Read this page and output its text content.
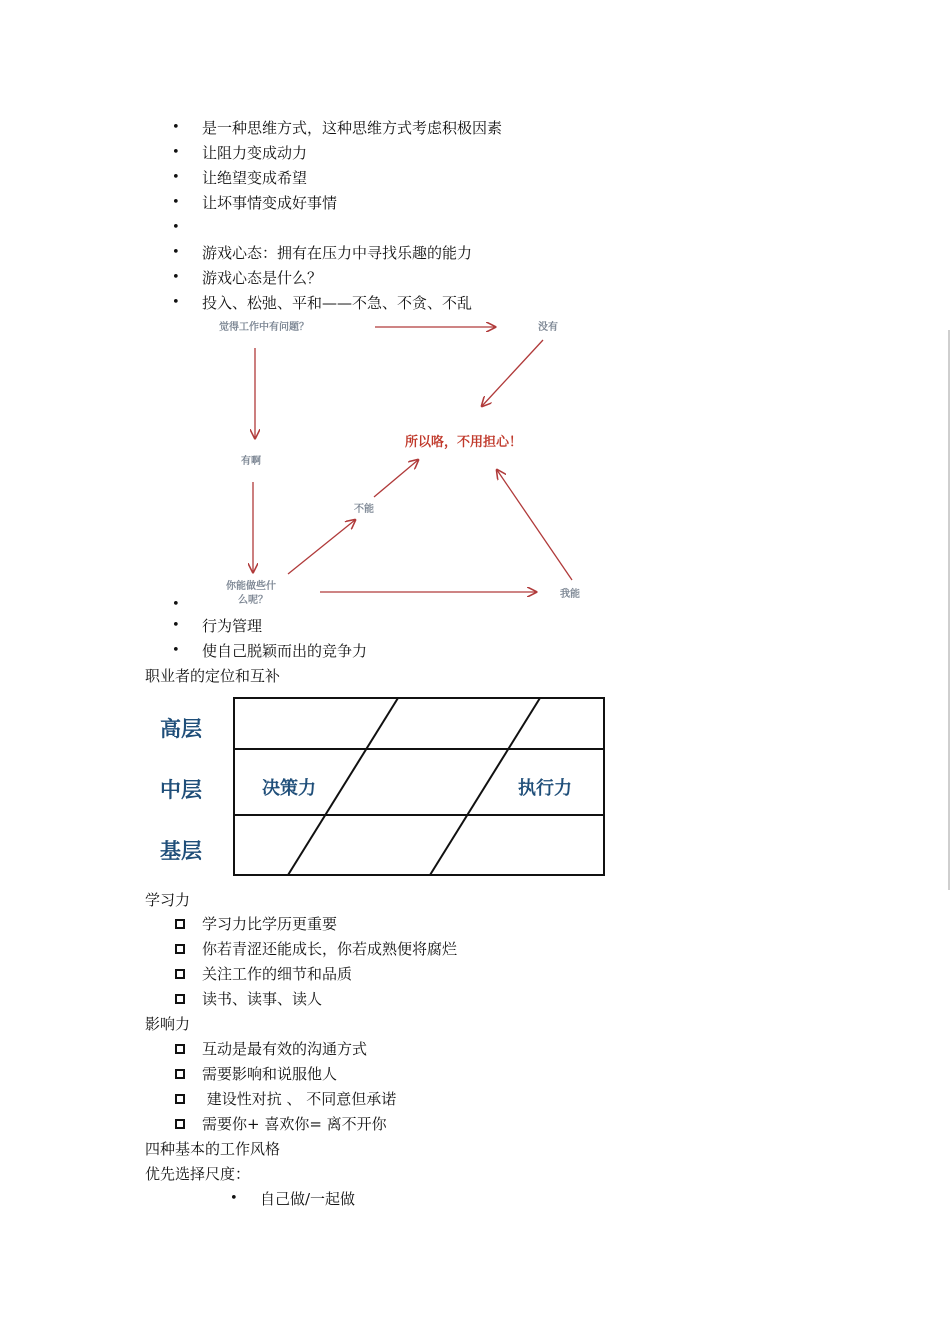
• 是一种思维方式，这种思维方式考虑积极因素
• 让阻力变成动力
• 让绝望变成希望
• 让坏事情变成好事情
•
• 游戏心态：拥有在压力中寻找乐趣的能力
• 游戏心态是什么？
• 投入、松弛、平和——不急、不贪、不乱
觉得工作中有问题？	没有
有啊
不能
你能做些什
么呢？
我能
所以咯，不用担心！
•
• 行为管理
• 使自己脱颖而出的竞争力
职业者的定位和互补
高层
中层
基层
决策力	执行力
学习力
学习力比学历更重要
你若青涩还能成长，你若成熟便将腐烂
关注工作的细节和品质
读书、读事、读人
影响力
互动是最有效的沟通方式
需要影响和说服他人
建设性对抗 、 不同意但承诺
需要你+ 喜欢你= 离不开你
四种基本的工作风格
优先选择尺度：
• 自己做/一起做
